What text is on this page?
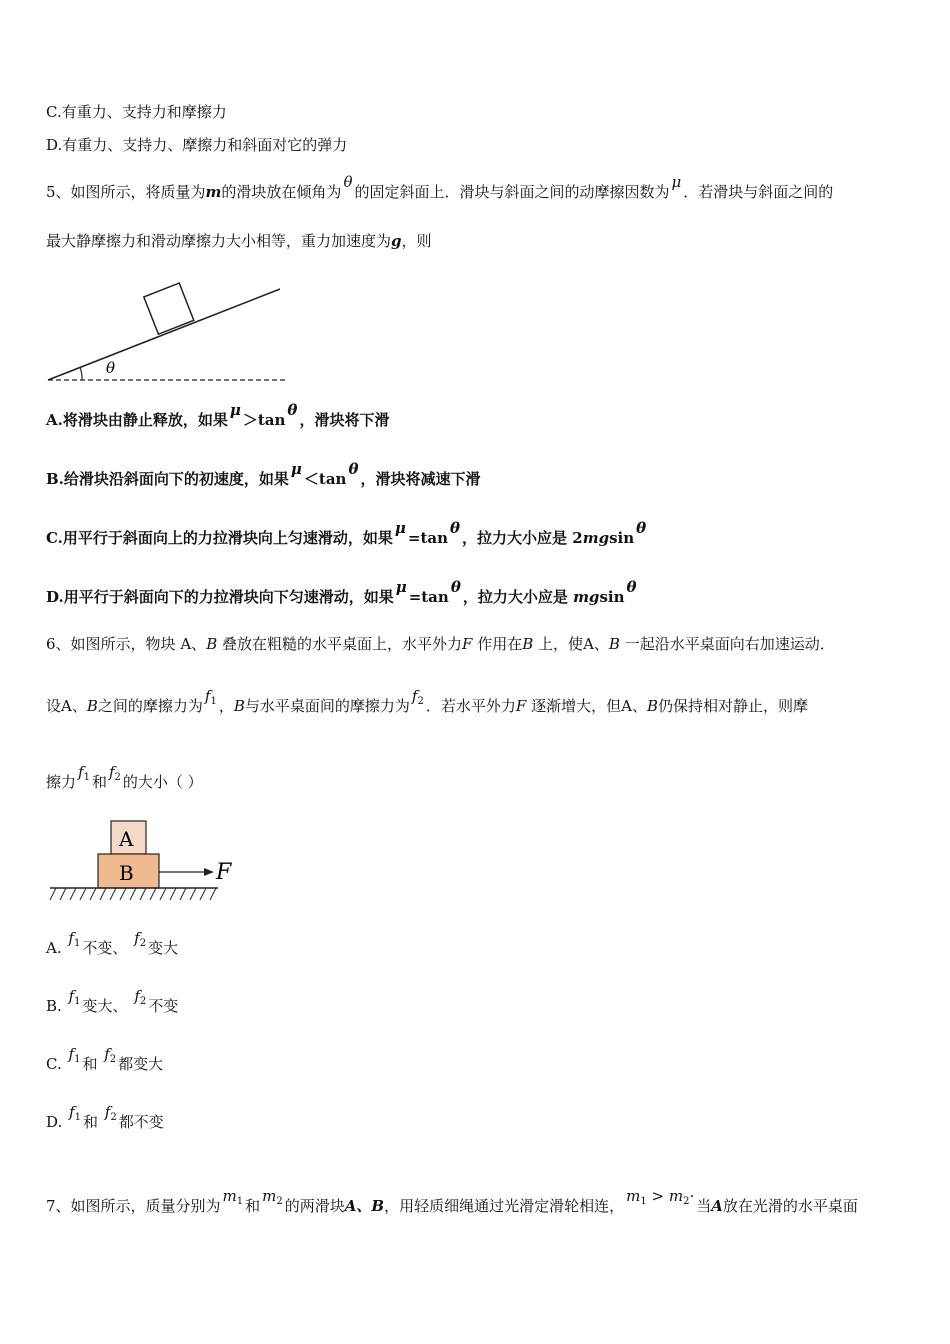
C.有重力、支持力和摩擦力
D.有重力、支持力、摩擦力和斜面对它的弹力
5、如图所示，将质量为m的滑块放在倾角为θ的固定斜面上．滑块与斜面之间的动摩擦因数为μ．若滑块与斜面之间的
最大静摩擦力和滑动摩擦力大小相等，重力加速度为g，则
θ
A.将滑块由静止释放，如果μ＞tanθ，滑块将下滑
B.给滑块沿斜面向下的初速度，如果μ＜tanθ，滑块将减速下滑
C.用平行于斜面向上的力拉滑块向上匀速滑动，如果μ=tanθ，拉力大小应是 2mgsinθ
D.用平行于斜面向下的力拉滑块向下匀速滑动，如果μ=tanθ，拉力大小应是 mgsinθ
6、如图所示，物块 A、B 叠放在粗糙的水平桌面上，水平外力F 作用在B 上，使A、B 一起沿水平桌面向右加速运动．
设A、B之间的摩擦力为$f_1$ ，B与水平桌面间的摩擦力为$f_2$ ．若水平外力F 逐渐增大，但A、B仍保持相对静止，则摩
擦力$f_1$ 和$f_2$ 的大小（ ）
A
B	F
A. $f_1$ 不变、 $f_2$ 变大
B. $f_1$ 变大、 $f_2$ 不变
C. $f_1$ 和 $f_2$ 都变大
D. $f_1$ 和 $f_2$ 都不变
7、如图所示，质量分别为$m_1$ 和$m_2$ 的两滑块A、B，用轻质细绳通过光滑定滑轮相连，$m_1 > m_2\cdot$当A放在光滑的水平桌面
